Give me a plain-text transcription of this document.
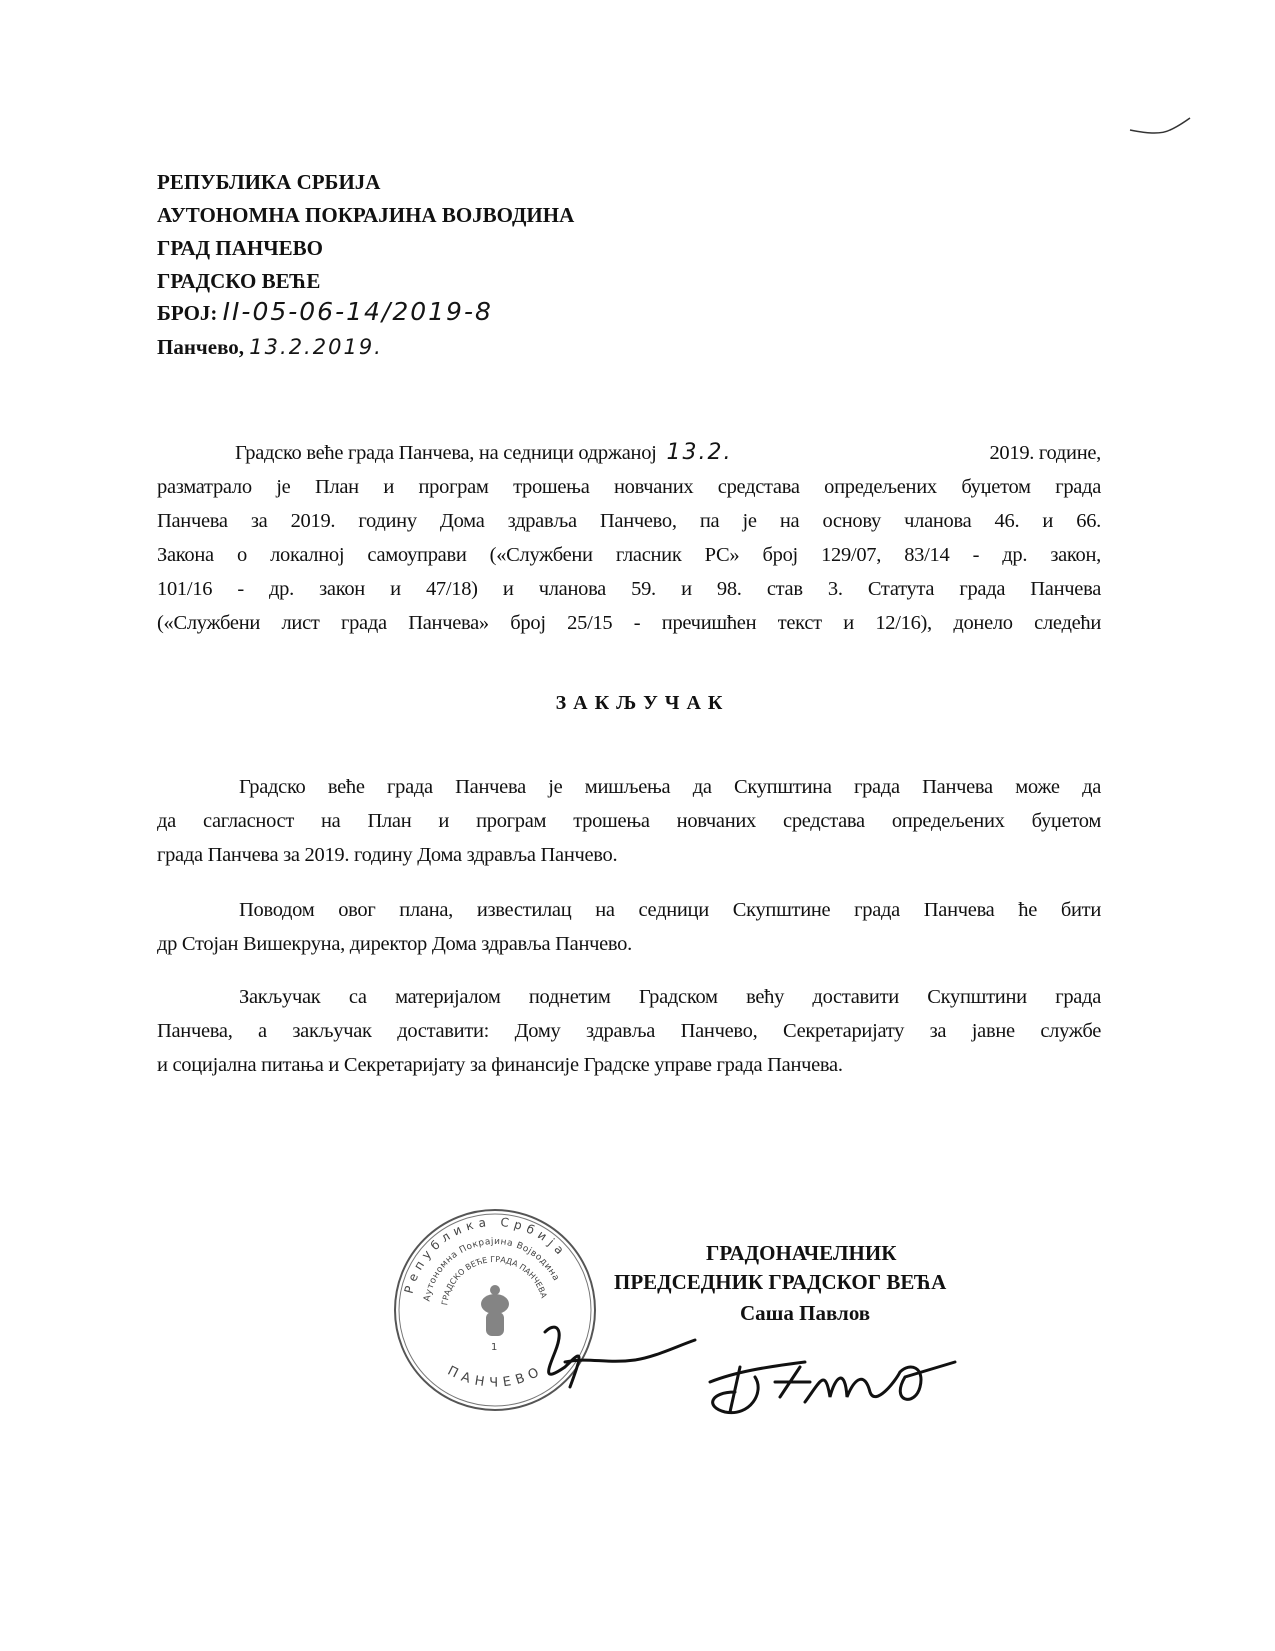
РЕПУБЛИКА СРБИЈА
АУТОНОМНА ПОКРАЈИНА ВОЈВОДИНА
ГРАД ПАНЧЕВО
ГРАДСКО ВЕЋЕ
БРОЈ: II-05-06-14/2019-8
Панчево, 13.2.2019.
Градско веће града Панчева, на седници одржаној 13.2.	2019. године,
разматрало је План и програм трошења новчаних средстава опредељених буџетом града
Панчева за 2019. годину Дома здравља Панчево, па је на основу чланова 46. и 66.
Закона о локалној самоуправи («Службени гласник РС» број 129/07, 83/14 - др. закон,
101/16 - др. закон и 47/18) и чланова 59. и 98. став 3. Статута града Панчева
(«Службени лист града Панчева» број 25/15 - пречишћен текст и 12/16), донело следећи
ЗАКЉУЧАК
Градско веће града Панчева је мишљења да Скупштина града Панчева може да
да сагласност на План и програм трошења новчаних средстава опредељених буџетом
града Панчева за 2019. годину Дома здравља Панчево.
Поводом овог плана, известилац на седници Скупштине града Панчева ће бити
др Стојан Вишекруна, директор Дома здравља Панчево.
Закључак са материјалом поднетим Градском већу доставити Скупштини града
Панчева, а закључак доставити: Дому здравља Панчево, Секретаријату за јавне службе
и социјална питања и Секретаријату за финансије Градске управе града Панчева.
Република Србија
Аутономна Покрајина Војводина
ГРАДСКО ВЕЋЕ ГРАДА ПАНЧЕВА
ПАНЧЕВО
1
ГРАДОНАЧЕЛНИК
ПРЕДСЕДНИК ГРАДСКОГ ВЕЋА
Саша Павлов
